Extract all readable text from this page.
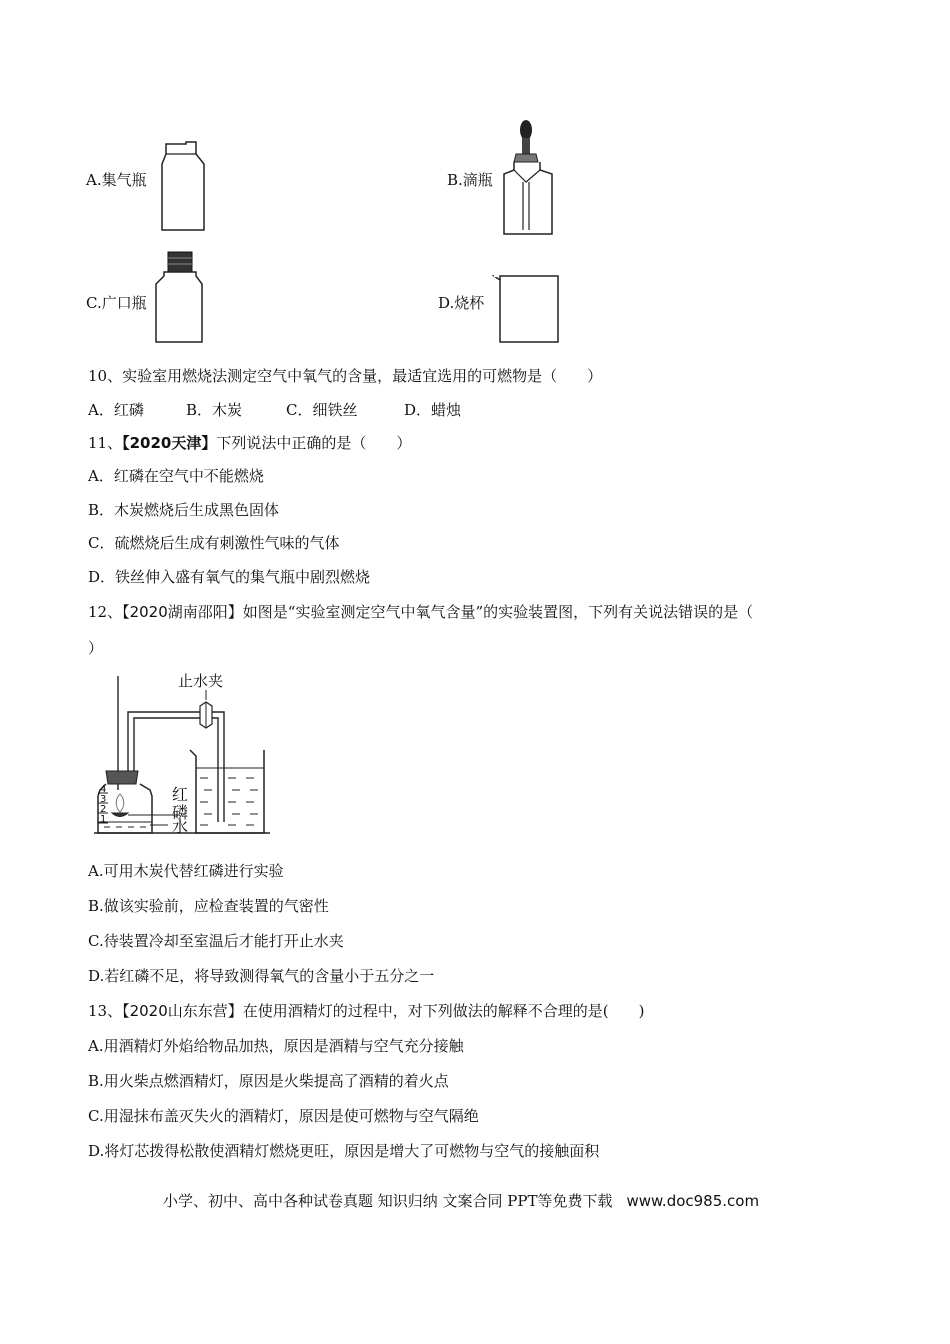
A.集气瓶	B.滴瓶
C.广口瓶	D.烧杯
10、实验室用燃烧法测定空气中氧气的含量，最适宜选用的可燃物是（　　）
A．红磷	B．木炭	C．细铁丝	D．蜡烛
11、【2020天津】下列说法中正确的是（　　）
A．红磷在空气中不能燃烧
B．木炭燃烧后生成黑色固体
C．硫燃烧后生成有刺激性气味的气体
D．铁丝伸入盛有氧气的集气瓶中剧烈燃烧
12、【2020湖南邵阳】如图是“实验室测定空气中氧气含量”的实验装置图，下列有关说法错误的是（
）
止水夹
4
3
2
1
红
磷
水
A.可用木炭代替红磷进行实验
B.做该实验前，应检查装置的气密性
C.待装置冷却至室温后才能打开止水夹
D.若红磷不足，将导致测得氧气的含量小于五分之一
13、【2020山东东营】在使用酒精灯的过程中，对下列做法的解释不合理的是(　　)
A.用酒精灯外焰给物品加热，原因是酒精与空气充分接触
B.用火柴点燃酒精灯，原因是火柴提高了酒精的着火点
C.用湿抹布盖灭失火的酒精灯，原因是使可燃物与空气隔绝
D.将灯芯拨得松散使酒精灯燃烧更旺，原因是增大了可燃物与空气的接触面积
小学、初中、高中各种试卷真题 知识归纳 文案合同 PPT等免费下载 www.doc985.com
